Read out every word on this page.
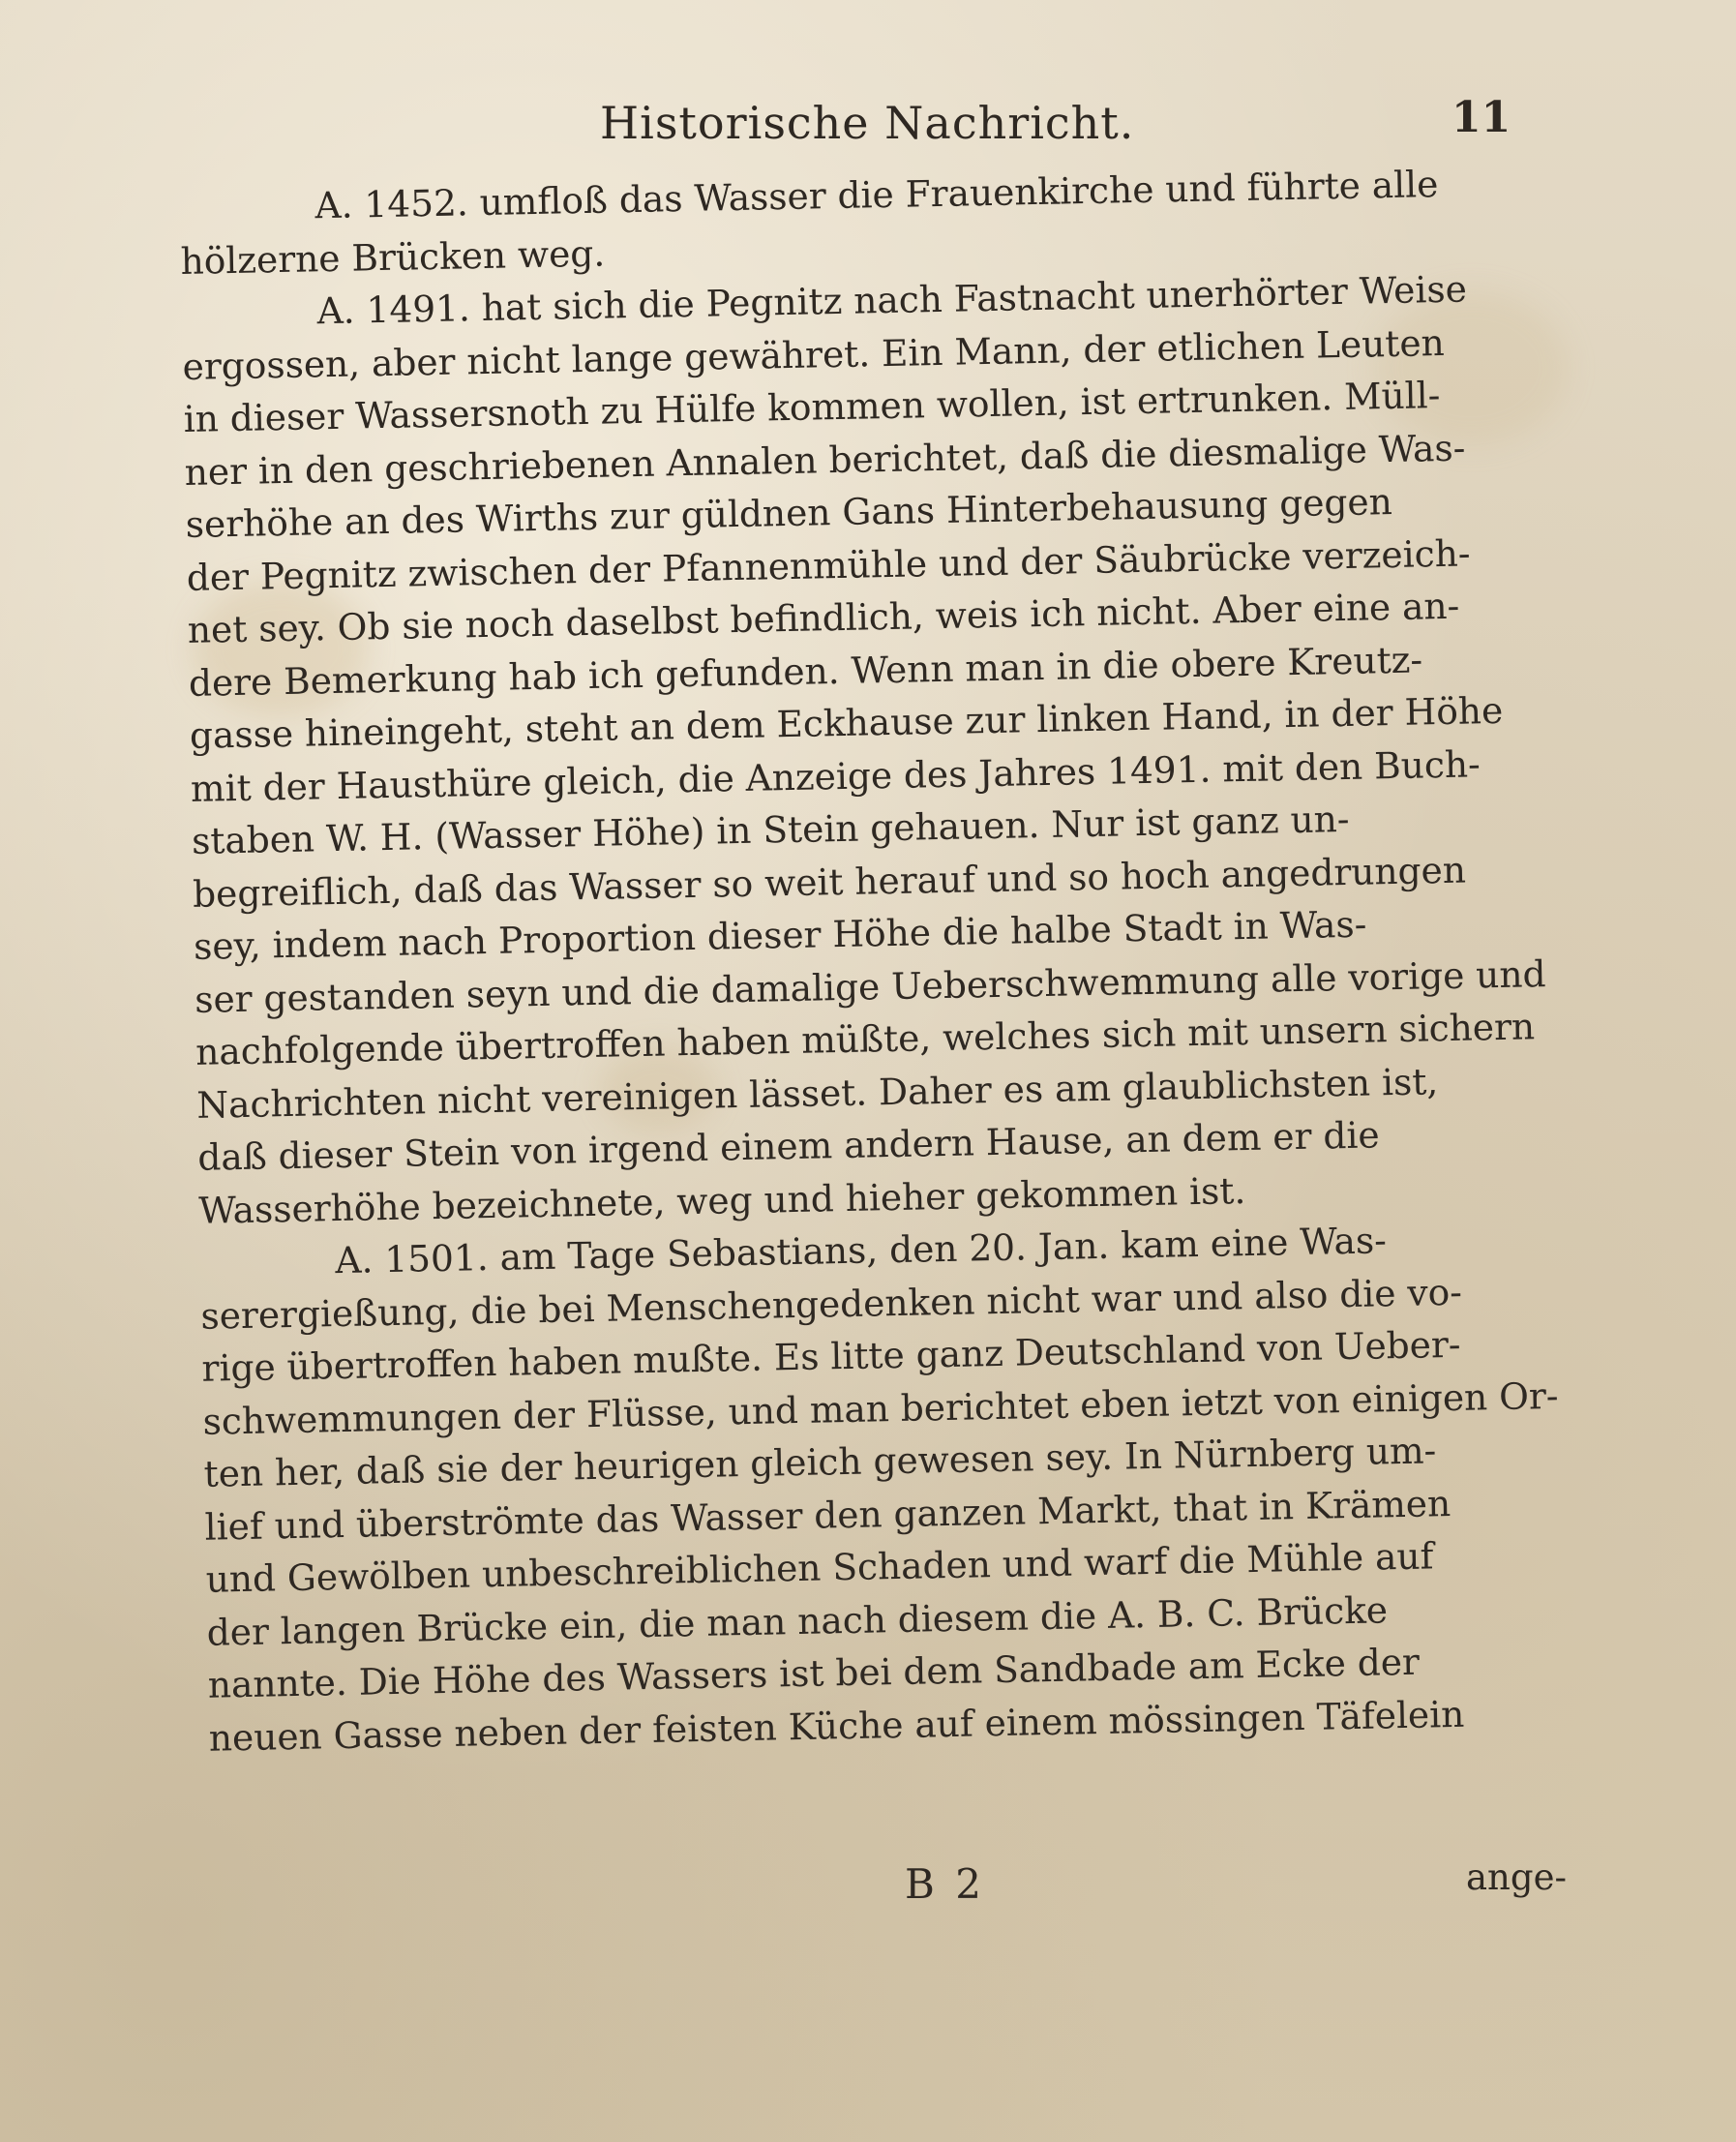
Historische Nachricht.	11
A. 1452. umfloß das Wasser die Frauenkirche und führte alle
hölzerne Brücken weg.
A. 1491. hat sich die Pegnitz nach Fastnacht unerhörter Weise
ergossen, aber nicht lange gewähret. Ein Mann, der etlichen Leuten
in dieser Wassersnoth zu Hülfe kommen wollen, ist ertrunken. Müll-
ner in den geschriebenen Annalen berichtet, daß die diesmalige Was-
serhöhe an des Wirths zur güldnen Gans Hinterbehausung gegen
der Pegnitz zwischen der Pfannenmühle und der Säubrücke verzeich-
net sey. Ob sie noch daselbst befindlich, weis ich nicht. Aber eine an-
dere Bemerkung hab ich gefunden. Wenn man in die obere Kreutz-
gasse hineingeht, steht an dem Eckhause zur linken Hand, in der Höhe
mit der Hausthüre gleich, die Anzeige des Jahres 1491. mit den Buch-
staben W. H. (Wasser Höhe) in Stein gehauen. Nur ist ganz un-
begreiflich, daß das Wasser so weit herauf und so hoch angedrungen
sey, indem nach Proportion dieser Höhe die halbe Stadt in Was-
ser gestanden seyn und die damalige Ueberschwemmung alle vorige und
nachfolgende übertroffen haben müßte, welches sich mit unsern sichern
Nachrichten nicht vereinigen lässet. Daher es am glaublichsten ist,
daß dieser Stein von irgend einem andern Hause, an dem er die
Wasserhöhe bezeichnete, weg und hieher gekommen ist.
A. 1501. am Tage Sebastians, den 20. Jan. kam eine Was-
serergießung, die bei Menschengedenken nicht war und also die vo-
rige übertroffen haben mußte. Es litte ganz Deutschland von Ueber-
schwemmungen der Flüsse, und man berichtet eben ietzt von einigen Or-
ten her, daß sie der heurigen gleich gewesen sey. In Nürnberg um-
lief und überströmte das Wasser den ganzen Markt, that in Krämen
und Gewölben unbeschreiblichen Schaden und warf die Mühle auf
der langen Brücke ein, die man nach diesem die A. B. C. Brücke
nannte. Die Höhe des Wassers ist bei dem Sandbade am Ecke der
neuen Gasse neben der feisten Küche auf einem mössingen Täfelein
B 2	ange-
